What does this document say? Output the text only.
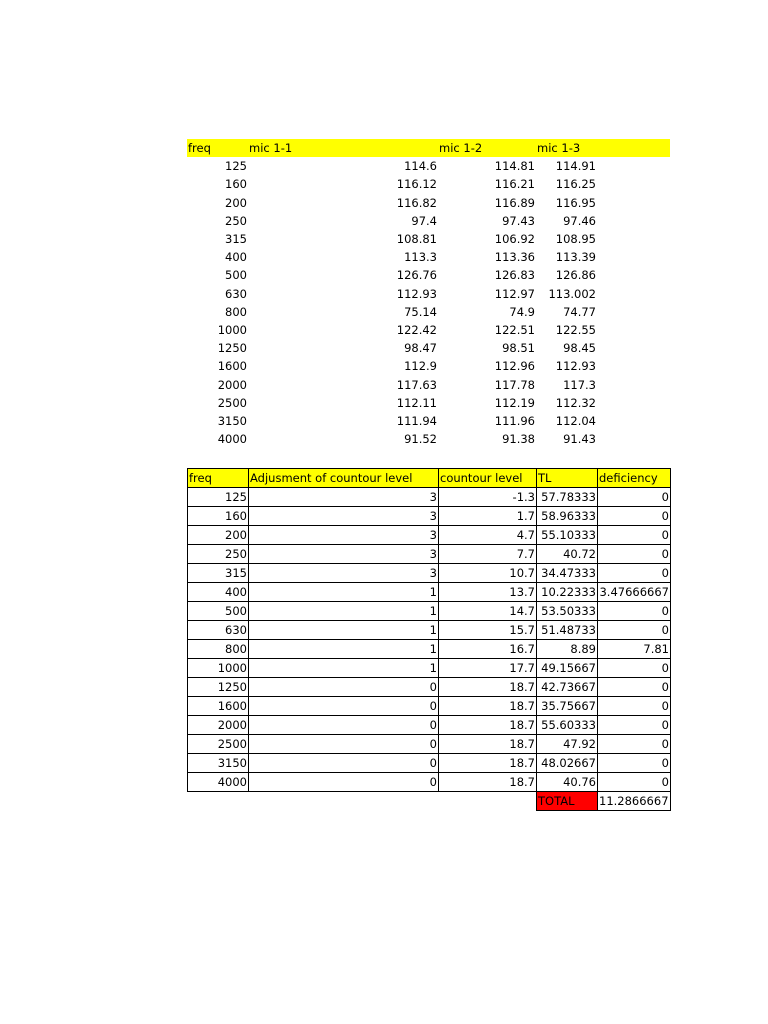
freq	mic 1-1	mic 1-2	mic 1-3	
125	114.6	114.81	114.91	
160	116.12	116.21	116.25	
200	116.82	116.89	116.95	
250	97.4	97.43	97.46	
315	108.81	106.92	108.95	
400	113.3	113.36	113.39	
500	126.76	126.83	126.86	
630	112.93	112.97	113.002	
800	75.14	74.9	74.77	
1000	122.42	122.51	122.55	
1250	98.47	98.51	98.45	
1600	112.9	112.96	112.93	
2000	117.63	117.78	117.3	
2500	112.11	112.19	112.32	
3150	111.94	111.96	112.04	
4000	91.52	91.38	91.43	
freq	Adjusment of countour level	countour level	TL	deficiency
125	3	-1.3	57.78333	0
160	3	1.7	58.96333	0
200	3	4.7	55.10333	0
250	3	7.7	40.72	0
315	3	10.7	34.47333	0
400	1	13.7	10.22333	3.47666667
500	1	14.7	53.50333	0
630	1	15.7	51.48733	0
800	1	16.7	8.89	7.81
1000	1	17.7	49.15667	0
1250	0	18.7	42.73667	0
1600	0	18.7	35.75667	0
2000	0	18.7	55.60333	0
2500	0	18.7	47.92	0
3150	0	18.7	48.02667	0
4000	0	18.7	40.76	0
			TOTAL	11.2866667
